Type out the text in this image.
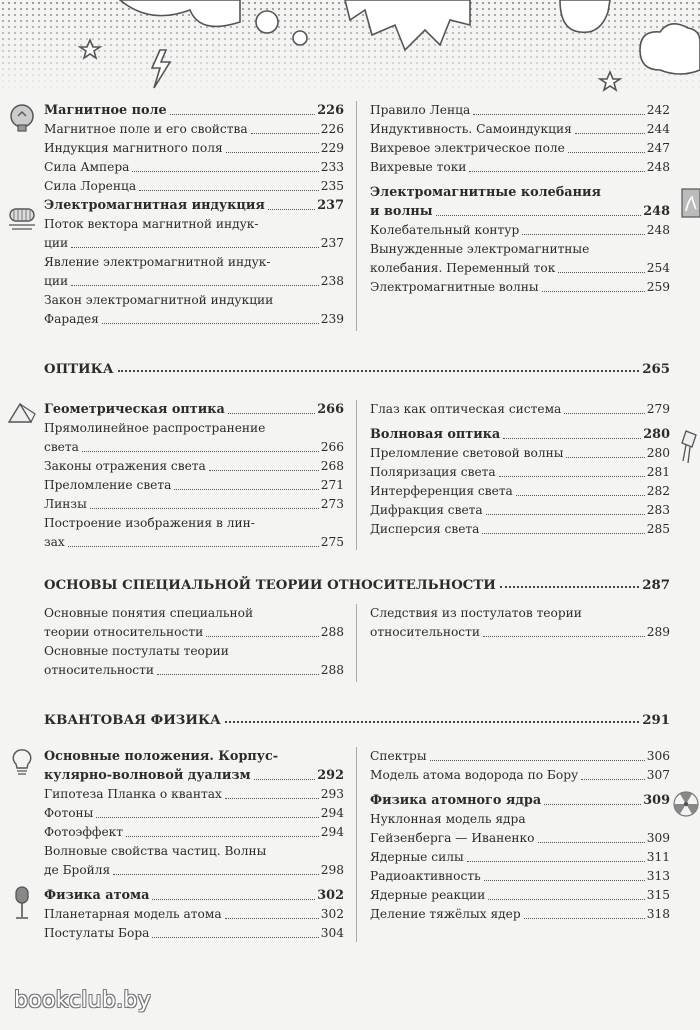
Магнитное поле	226
Магнитное поле и его свойства	226
Индукция магнитного поля	229
Сила Ампера	233
Сила Лоренца	235
Электромагнитная индукция	237
Поток вектора магнитной индук-
ции	237
Явление электромагнитной индук-
ции	238
Закон электромагнитной индукции
Фарадея	239
Правило Ленца	242
Индуктивность. Самоиндукция	244
Вихревое электрическое поле	247
Вихревые токи	248
Электромагнитные колебания
и волны	248
Колебательный контур	248
Вынужденные электромагнитные
колебания. Переменный ток	254
Электромагнитные волны	259
ОПТИКА	265
Геометрическая оптика	266
Прямолинейное распространение
света	266
Законы отражения света	268
Преломление света	271
Линзы	273
Построение изображения в лин-
зах	275
Глаз как оптическая система	279
Волновая оптика	280
Преломление световой волны	280
Поляризация света	281
Интерференция света	282
Дифракция света	283
Дисперсия света	285
ОСНОВЫ СПЕЦИАЛЬНОЙ ТЕОРИИ ОТНОСИТЕЛЬНОСТИ	287
Основные понятия специальной
теории относительности	288
Основные постулаты теории
относительности	288
Следствия из постулатов теории
относительности	289
КВАНТОВАЯ ФИЗИКА	291
Основные положения. Корпус-
кулярно-волновой дуализм	292
Гипотеза Планка о квантах	293
Фотоны	294
Фотоэффект	294
Волновые свойства частиц. Волны
де Бройля	298
Физика атома	302
Планетарная модель атома	302
Постулаты Бора	304
Спектры	306
Модель атома водорода по Бору	307
Физика атомного ядра	309
Нуклонная модель ядра
Гейзенберга — Иваненко	309
Ядерные силы	311
Радиоактивность	313
Ядерные реакции	315
Деление тяжёлых ядер	318
bookclub.by
